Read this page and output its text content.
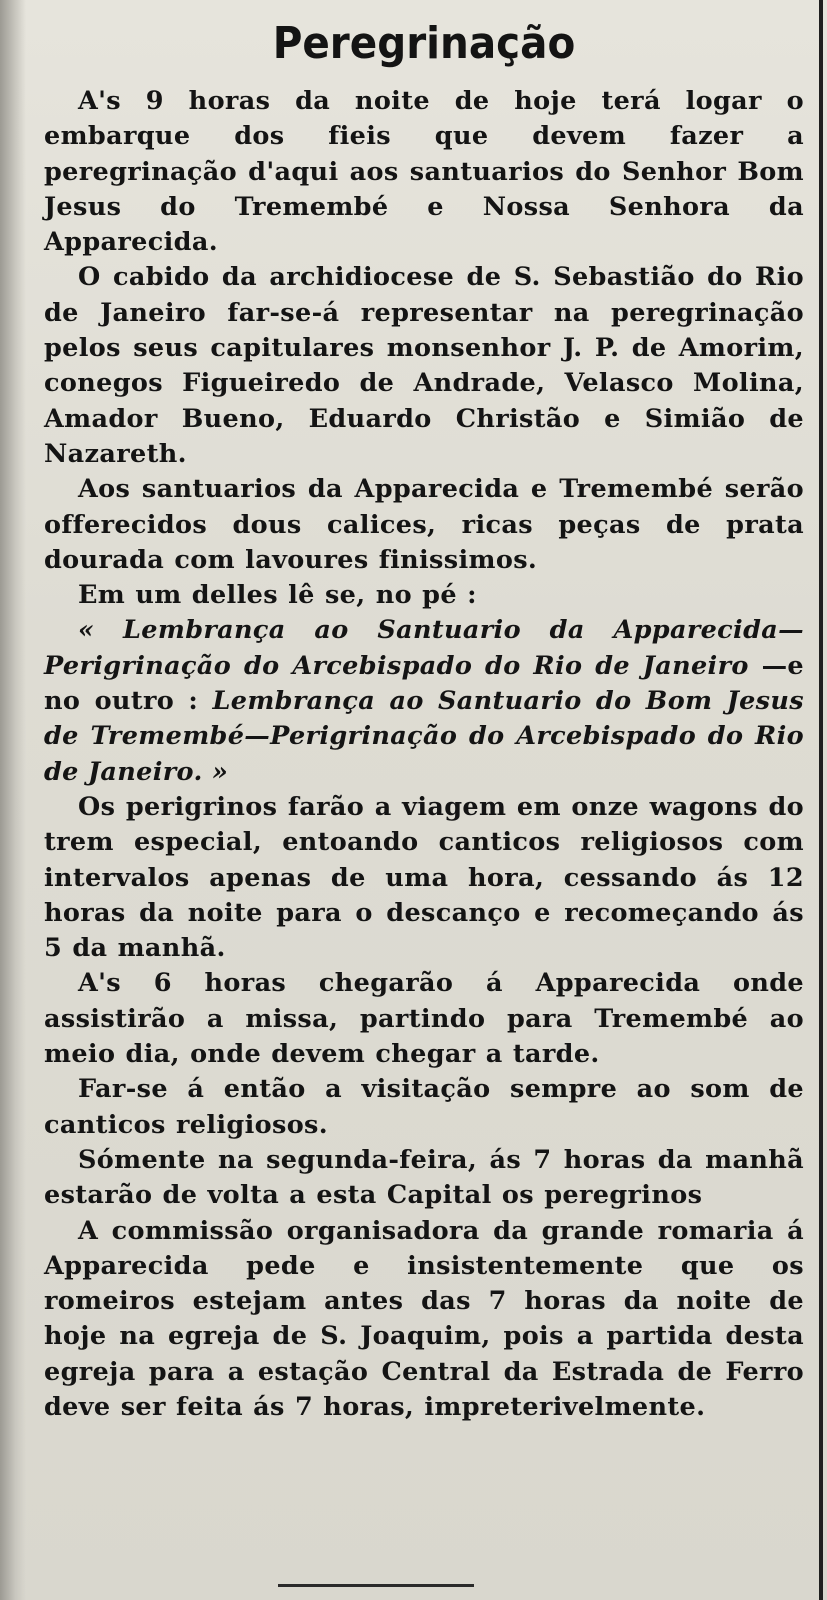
Peregrinação

A's 9 horas da noite de hoje terá logar o embarque dos fieis que devem fazer a peregrinação d'aqui aos santuarios do Senhor Bom Jesus do Tremembé e Nossa Senhora da Apparecida.

O cabido da archidiocese de S. Sebastião do Rio de Janeiro far-se-á representar na peregrinação pelos seus capitulares monsenhor J. P. de Amorim, conegos Figueiredo de Andrade, Velasco Molina, Amador Bueno, Eduardo Christão e Simião de Nazareth.

Aos santuarios da Apparecida e Tremembé serão offerecidos dous calices, ricas peças de prata dourada com lavoures finissimos.

Em um delles lê se, no pé :

« Lembrança ao Santuario da Apparecida—Perigrinação do Arcebispado do Rio de Janeiro —e no outro : Lembrança ao Santuario do Bom Jesus de Tremembé—Perigrinação do Arcebispado do Rio de Janeiro. »

Os perigrinos farão a viagem em onze wagons do trem especial, entoando canticos religiosos com intervalos apenas de uma hora, cessando ás 12 horas da noite para o descanço e recomeçando ás 5 da manhã.

A's 6 horas chegarão á Apparecida onde assistirão a missa, partindo para Tremembé ao meio dia, onde devem chegar a tarde.

Far-se á então a visitação sempre ao som de canticos religiosos.

Sómente na segunda-feira, ás 7 horas da manhã estarão de volta a esta Capital os peregrinos

A commissão organisadora da grande romaria á Apparecida pede e insistentemente que os romeiros estejam antes das 7 horas da noite de hoje na egreja de S. Joaquim, pois a partida desta egreja para a estação Central da Estrada de Ferro deve ser feita ás 7 horas, impreterivelmente.
